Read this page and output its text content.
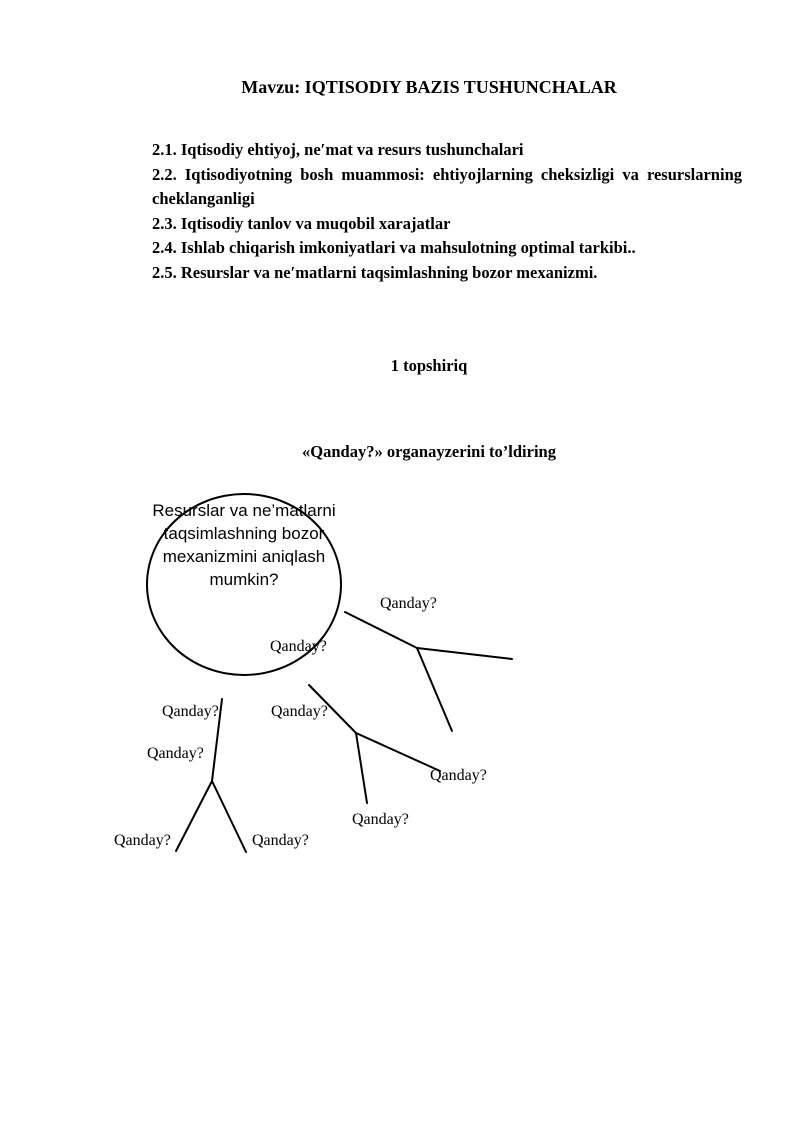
Mavzu: IQTISODIY BAZIS TUSHUNCHALAR
2.1. Iqtisodiy ehtiyoj, ne′mat va resurs tushunchalari
2.2. Iqtisodiyotning bosh muammosi: ehtiyojlarning cheksizligi va resurslarning cheklanganligi
2.3. Iqtisodiy tanlov va muqobil xarajatlar
2.4. Ishlab chiqarish imkoniyatlari va mahsulotning optimal tarkibi..
2.5. Resurslar va ne′matlarni taqsimlashning bozor mexanizmi.
1 topshiriq
«Qanday?» organayzerini to’ldiring
Resurslar va ne’matlarni taqsimlashning bozor mexanizmini aniqlash mumkin?
Qanday?
Qanday?
Qanday?	Qanday?
Qanday?
Qanday?
Qanday?
Qanday?	Qanday?
